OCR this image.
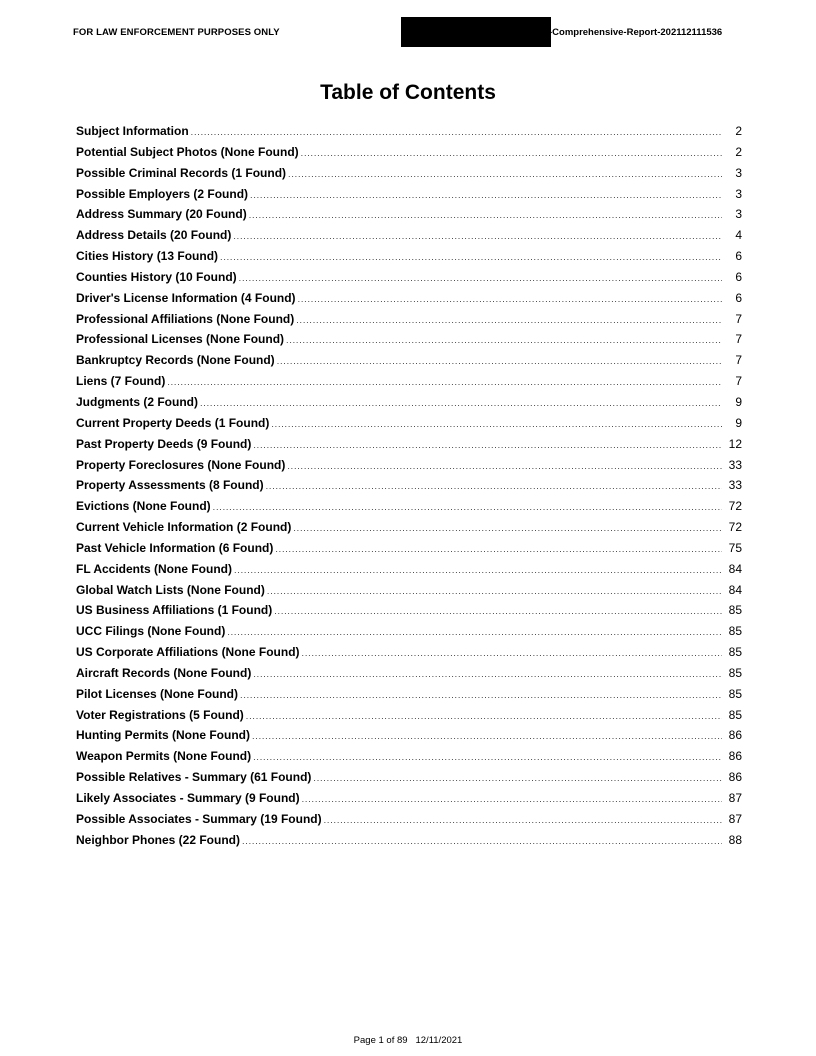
FOR LAW ENFORCEMENT PURPOSES ONLY	-Comprehensive-Report-202112111536
Table of Contents
Subject Information .....	2
Potential Subject Photos (None Found) .....	2
Possible Criminal Records (1 Found) .....	3
Possible Employers (2 Found) .....	3
Address Summary (20 Found) .....	3
Address Details (20 Found) .....	4
Cities History (13 Found) .....	6
Counties History (10 Found) .....	6
Driver's License Information (4 Found) .....	6
Professional Affiliations (None Found) .....	7
Professional Licenses (None Found) .....	7
Bankruptcy Records (None Found) .....	7
Liens (7 Found) .....	7
Judgments (2 Found) .....	9
Current Property Deeds (1 Found) .....	9
Past Property Deeds (9 Found) .....	12
Property Foreclosures (None Found) .....	33
Property Assessments (8 Found) .....	33
Evictions (None Found) .....	72
Current Vehicle Information (2 Found) .....	72
Past Vehicle Information (6 Found) .....	75
FL Accidents (None Found) .....	84
Global Watch Lists (None Found) .....	84
US Business Affiliations (1 Found) .....	85
UCC Filings (None Found) .....	85
US Corporate Affiliations (None Found) .....	85
Aircraft Records (None Found) .....	85
Pilot Licenses (None Found) .....	85
Voter Registrations (5 Found) .....	85
Hunting Permits (None Found) .....	86
Weapon Permits (None Found) .....	86
Possible Relatives - Summary (61 Found) .....	86
Likely Associates - Summary (9 Found) .....	87
Possible Associates - Summary (19 Found) .....	87
Neighbor Phones (22 Found) .....	88
Page 1 of 89 12/11/2021
